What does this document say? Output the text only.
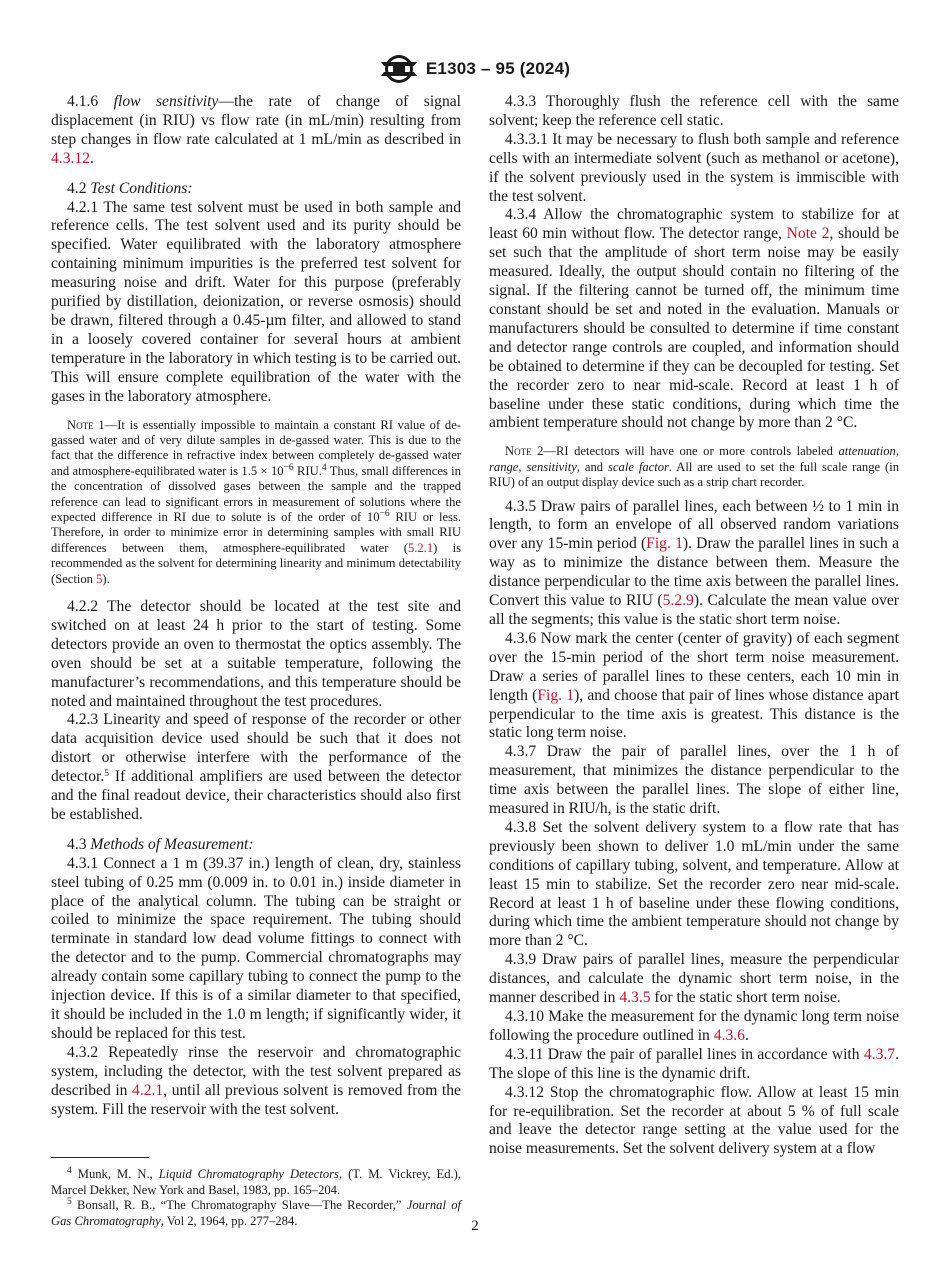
E1303 – 95 (2024)

4.1.6 flow sensitivity—the rate of change of signal displacement (in RIU) vs flow rate (in mL/min) resulting from step changes in flow rate calculated at 1 mL/min as described in 4.3.12.

4.2 Test Conditions:

4.2.1 The same test solvent must be used in both sample and reference cells. The test solvent used and its purity should be specified. Water equilibrated with the laboratory atmosphere containing minimum impurities is the preferred test solvent for measuring noise and drift. Water for this purpose (preferably purified by distillation, deionization, or reverse osmosis) should be drawn, filtered through a 0.45-µm filter, and allowed to stand in a loosely covered container for several hours at ambient temperature in the laboratory in which testing is to be carried out. This will ensure complete equilibration of the water with the gases in the laboratory atmosphere.

Note 1—It is essentially impossible to maintain a constant RI value of de-gassed water and of very dilute samples in de-gassed water. This is due to the fact that the difference in refractive index between completely de-gassed water and atmosphere-equilibrated water is $1.5 \times 10^{-6}$ RIU.$^4$ Thus, small differences in the concentration of dissolved gases between the sample and the trapped reference can lead to significant errors in measurement of solutions where the expected difference in RI due to solute is of the order of $10^{-6}$ RIU or less. Therefore, in order to minimize error in determining samples with small RIU differences between them, atmosphere-equilibrated water (5.2.1) is recommended as the solvent for determining linearity and minimum detectability (Section 5).

4.2.2 The detector should be located at the test site and switched on at least 24 h prior to the start of testing. Some detectors provide an oven to thermostat the optics assembly. The oven should be set at a suitable temperature, following the manufacturer’s recommendations, and this temperature should be noted and maintained throughout the test procedures.

4.2.3 Linearity and speed of response of the recorder or other data acquisition device used should be such that it does not distort or otherwise interfere with the performance of the detector.$^5$ If additional amplifiers are used between the detector and the final readout device, their characteristics should also first be established.

4.3 Methods of Measurement:

4.3.1 Connect a 1 m (39.37 in.) length of clean, dry, stainless steel tubing of 0.25 mm (0.009 in. to 0.01 in.) inside diameter in place of the analytical column. The tubing can be straight or coiled to minimize the space requirement. The tubing should terminate in standard low dead volume fittings to connect with the detector and to the pump. Commercial chromatographs may already contain some capillary tubing to connect the pump to the injection device. If this is of a similar diameter to that specified, it should be included in the 1.0 m length; if significantly wider, it should be replaced for this test.

4.3.2 Repeatedly rinse the reservoir and chromatographic system, including the detector, with the test solvent prepared as described in 4.2.1, until all previous solvent is removed from the system. Fill the reservoir with the test solvent.

$^4$ Munk, M. N., Liquid Chromatography Detectors, (T. M. Vickrey, Ed.), Marcel Dekker, New York and Basel, 1983, pp. 165–204.

$^5$ Bonsall, R. B., “The Chromatography Slave—The Recorder,” Journal of Gas Chromatography, Vol 2, 1964, pp. 277–284.

4.3.3 Thoroughly flush the reference cell with the same solvent; keep the reference cell static.

4.3.3.1 It may be necessary to flush both sample and reference cells with an intermediate solvent (such as methanol or acetone), if the solvent previously used in the system is immiscible with the test solvent.

4.3.4 Allow the chromatographic system to stabilize for at least 60 min without flow. The detector range, Note 2, should be set such that the amplitude of short term noise may be easily measured. Ideally, the output should contain no filtering of the signal. If the filtering cannot be turned off, the minimum time constant should be set and noted in the evaluation. Manuals or manufacturers should be consulted to determine if time constant and detector range controls are coupled, and information should be obtained to determine if they can be decoupled for testing. Set the recorder zero to near mid-scale. Record at least 1 h of baseline under these static conditions, during which time the ambient temperature should not change by more than 2 °C.

Note 2—RI detectors will have one or more controls labeled attenuation, range, sensitivity, and scale factor. All are used to set the full scale range (in RIU) of an output display device such as a strip chart recorder.

4.3.5 Draw pairs of parallel lines, each between ½ to 1 min in length, to form an envelope of all observed random variations over any 15-min period (Fig. 1). Draw the parallel lines in such a way as to minimize the distance between them. Measure the distance perpendicular to the time axis between the parallel lines. Convert this value to RIU (5.2.9). Calculate the mean value over all the segments; this value is the static short term noise.

4.3.6 Now mark the center (center of gravity) of each segment over the 15-min period of the short term noise measurement. Draw a series of parallel lines to these centers, each 10 min in length (Fig. 1), and choose that pair of lines whose distance apart perpendicular to the time axis is greatest. This distance is the static long term noise.

4.3.7 Draw the pair of parallel lines, over the 1 h of measurement, that minimizes the distance perpendicular to the time axis between the parallel lines. The slope of either line, measured in RIU/h, is the static drift.

4.3.8 Set the solvent delivery system to a flow rate that has previously been shown to deliver 1.0 mL/min under the same conditions of capillary tubing, solvent, and temperature. Allow at least 15 min to stabilize. Set the recorder zero near mid-scale. Record at least 1 h of baseline under these flowing conditions, during which time the ambient temperature should not change by more than 2 °C.

4.3.9 Draw pairs of parallel lines, measure the perpendicular distances, and calculate the dynamic short term noise, in the manner described in 4.3.5 for the static short term noise.

4.3.10 Make the measurement for the dynamic long term noise following the procedure outlined in 4.3.6.

4.3.11 Draw the pair of parallel lines in accordance with 4.3.7. The slope of this line is the dynamic drift.

4.3.12 Stop the chromatographic flow. Allow at least 15 min for re-equilibration. Set the recorder at about 5 % of full scale and leave the detector range setting at the value used for the noise measurements. Set the solvent delivery system at a flow

2
